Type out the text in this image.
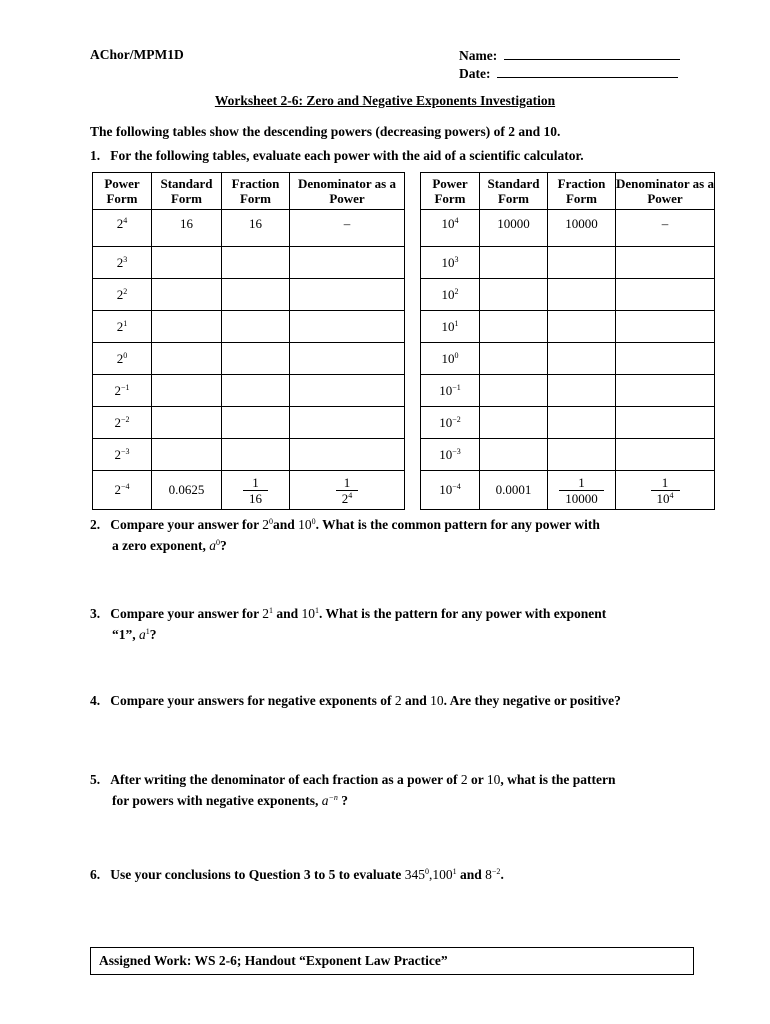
AChor/MPM1D	Name:
Date:
Worksheet 2-6: Zero and Negative Exponents Investigation
The following tables show the descending powers (decreasing powers) of 2 and 10.
1. For the following tables, evaluate each power with the aid of a scientific calculator.
Power Form	Standard Form	Fraction Form	Denominator as a Power
$2^4$	16	16	–
$2^3$			
$2^2$			
$2^1$			
$2^0$			
$2^{-1}$			
$2^{-2}$			
$2^{-3}$			
$2^{-4}$	0.0625	$\frac{1}{16}$	$\frac{1}{2^4}$
Power Form	Standard Form	Fraction Form	Denominator as a Power
$10^4$	10000	10000	–
$10^3$			
$10^2$			
$10^1$			
$10^0$			
$10^{-1}$			
$10^{-2}$			
$10^{-3}$			
$10^{-4}$	0.0001	$\frac{1}{10000}$	$\frac{1}{10^4}$
2. Compare your answer for $2^0and$ $10^0$. What is the common pattern for any power with
a zero exponent, $a^0$?
3. Compare your answer for $2^1$ and $10^1$. What is the pattern for any power with exponent
“1”, $a^1$?
4. Compare your answers for negative exponents of 2 and 10. Are they negative or positive?
5. After writing the denominator of each fraction as a power of 2 or 10, what is the pattern
for powers with negative exponents, $a^{-n}$ ?
6. Use your conclusions to Question 3 to 5 to evaluate $345^0,100^1$ and $8^{-2}$.
Assigned Work: WS 2-6; Handout “Exponent Law Practice”
